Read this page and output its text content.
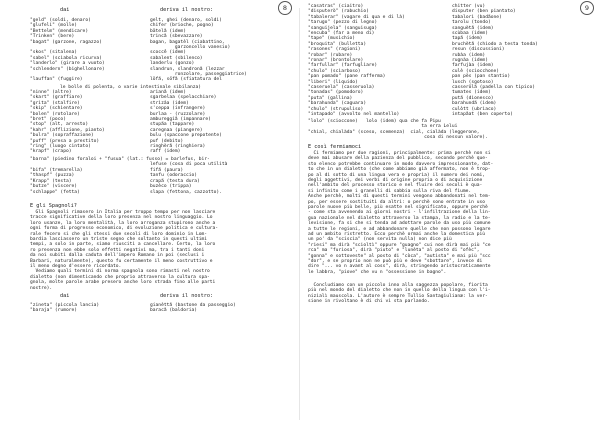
8
dai	deriva il nostro:
"geld" (soldi, denaro)	gelt, ghei (denaro, soldi)
"glufeli" (molle)	chifer (brioche, pogno)
"Bettelm" (mendicare)	bätelã (idem)
"Trinken" (bere)	trincã (sbevazzare)
"bagat" (garzone, ragazzo)	bagan, bagatèl (ciabattino,
garzoncello vanesio)
"skos" (sitalena)	scoccê (idem)
"sabel" (sciabola ricurva)	sabalent (sbilenco)
"landerlo" (girare a vuoto)	landerlu (gonzo)
"schlendern" (bighellonare)	slandrun, slandronã (lezzar
ronzolare, passeggiatrice)
"lauffan" (fuggire)	löfã, söfã (sfiatatura del
le bolle di polenta, o varie intestinale sibilanza)
"ninne" (altre)	arianã (idem)
"skart" (graffiare)	sgarbelaa (spelacchiare)
"grita" (stalfire)	strìzâa (idem)
"skip" (schientare)	s'ceppa (infrangere)
"bolen" (rotolare)	burlaa - (ruzzolare)
"bret" (poco)	ambureggiã (impannare)
"stop" (alt, arresto)	stupãa (tappare)
"kahr" (afflizione, pianto)	caregnaa (piangere)
"bulra" (sopraffazione)	bulu (spaccone prepotente)
"puff" (presa a prestito)	puf (debito)
"ring" (luogo cintato)	ringhèrã (ringhiera)
"krapf" (crapo)	raff (idem)
"barna" (piedino foraloi + "fusua" (lat.: fusso) = barlefus, bir-
lefuse (cosa di poca utilità
"bifa" (tremarella)	fifã (paura)
"thaspf" (puzza)	tanfu (odoraccio)
"Krapp" (testa)	crapã (testa dura)
"butze" (viscere)	buzèco (trippa)
"schlappe" (fetta)	slapa (fettona, cazzotto).
E gli Spagnoli?
Gli Spagnoli rimasero in Italia per troppo tempo per non lasciare
tracce significative della loro presenza nel nostro linguaggio. Lo
loro usanze, la loro mentalità, la loro arroganza stupirono anche a
ogni forma di progresso economico, di evoluzione politica e cultura-
rale fecero si che gli stessi due secoli di loro dominio in Lom-
bardia lasciassero un triste segno che soltanto in questi ultimi
tempi, a solo in parte, siamo riusciti a cancellare. Certo, la loro
ro presenza non ebbe solo effetti negativi ma, tra i tanti doni
da noi subiti dalla caduta dell'impero Romano in poi (seclusi i
Barbari, naturalmente), questo fu certamente il meno costruttivo e
il meno degno d'essere ricordato.
Vediamo quali termini di norma spagnola sono rimasti nel nostro
dialetto (non dimenticando che proprio attraverso la cultura spa-
gnola, molte parole arabe presero anche loro strada fino alle parti
nostre).
dai	deriva il nostro:
"zineta" (piccola lancia)	gianèttã (bastone da passeggio)
"baraja" (rumore)	baracã (baldoria)
9
"casatras" (ciaitro)	chitter (vu)
"disputerò" (rabuchio)	disputer (ben piantato)
"tabalerar" (vagare di qua e di là)	tabalori (badãone)
"tarugo" (pezzo di legno)	tarolu (tondo)
"sanguijela" (sanguisuga)	sanguètã (idem)
"encuba" (far a meno di)	scùbaa (idem)
"tape" (musichio)	tapã (idem)
"broquita" (bulletta)	bruchètã (chiodo a testa tonda)
"rasones" (ragioni)	resun (discussioni)
"robar" (rubare)	rubàa (idem)
"ronar" (brontolare)	rugnàa (idem)
"farfullar" (farfugliare)	farfujàa (idem)
"chulo" (sciarboso)	culè (sciocchone)
"pan pomado" (pane rafferma)	pan pès (pan stantio)
"liberi" (liquido)	lusch (sgotoso)
"caseruela" (casseruola)	casserõlã (padella con tipico)
"tonadas" (pomodoro)	tumates (idem)
"puta" (gallina)	putã (dionesco)
"barahunda" (caguara)	barahundã (idem)
"chulo" (strupuliso)	culòtt (ubriaco)
"intapado" (avvolto nel mantello)	intapãat (ben coperto)
"lolo" (scioccone)   lolo (idem) qua che fa Pipu
ta erra Lelui
"chial, chialàda" (sceso, scemenza)  cial, cialàda (leggerone,
cosa di nessun valore).
E così fermiamoci
Ci fermiamo per due ragioni, principalmente: prima perchè non si
deve mai abusare della pazienza del pubblico, secondo perchè que-
sto elenco potrebbe continuare in modo davvero impressionante, dat-
to che in un dialetto (che come abbiamo già affermato, non è trop-
po al di sotto di una lingua vera e propria) il numero dei nomi,
degli aggettivi, dei verbi di origine propria o di acquisizione
nell'ambito del processo storico e nel fluire dei secoli è qua-
si infinito come i granelli di sabbia sulla riva del fiume.
Anche perchè, molti di questi termini vengono abbandonati nel tem-
po, per essere sostituiti da altri: o perchè sono entrate in uso
parole nuove più belle, più esatte nel significato, oppure perchè
- come sta avvenendo ai giorni nostri - l'infiltrazione della lin-
gua nazionale nel dialetto attraverso la stampa, la radio e la te-
levisione, fa si che si tenda ad adottare parole da uso più comune
a tutte le regioni, e ad abbandonare quelle che non possono legare
ad un ambito ristretto. Ecco perchè ormai anche la domestica più
un po' da "sciscia" (non servita nulla) non dice più
"riesi" ma dirà "scioltì" oppure "guagno" cui non dirà mai più "ce
rca" ma "furiosa", dirà "piuto" e "lunèta" al posto di "ofèc",
"gonna" e sottoveste" al posto di "còca", "autista" e mai più "scc
"dor", e se proprio non ne può più e deve "sbottare", invece di
dire "... vo n avant al coss", dirà, stringendo aristocraticamente
le labbra, "piove" che vu n "ossessione in bagno".
Concludiamo con un piccolo inno alla saggezza popolare, fiorita
più nel mondo del dialetto che non in quello della lingua con l'i-
nizialì mauscola. L'autore è sempre Tullio Santagiulianæ: la ver-
sione in rivoltano è di chi vi sta parlando.
